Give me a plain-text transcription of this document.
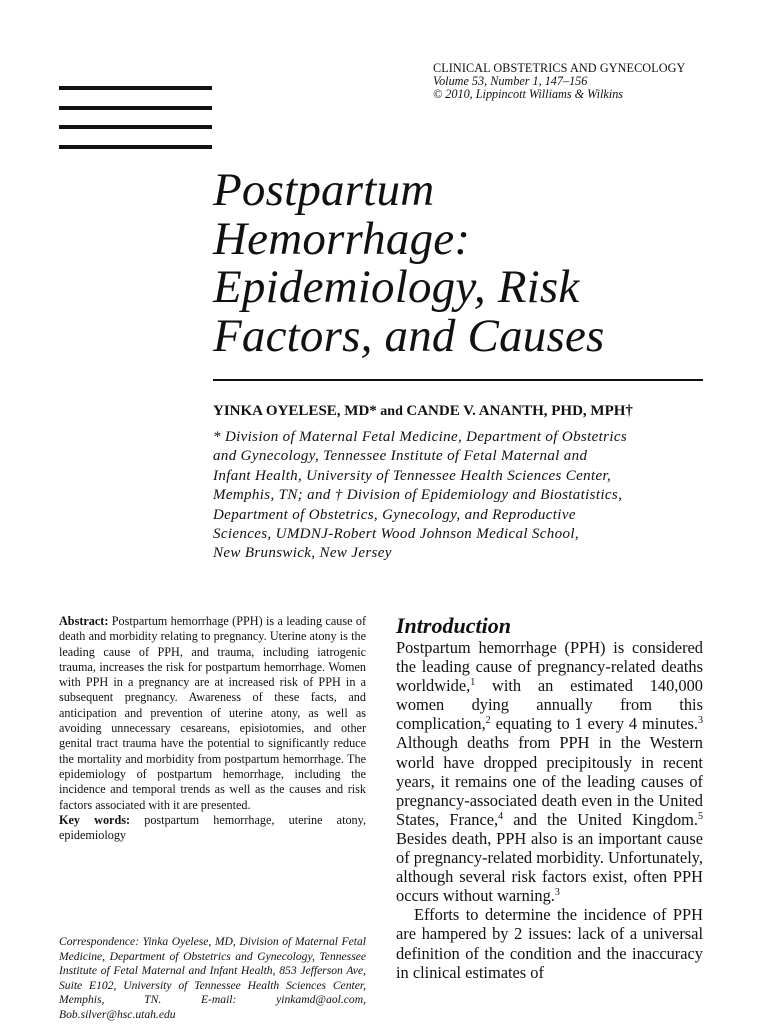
CLINICAL OBSTETRICS AND GYNECOLOGY
Volume 53, Number 1, 147–156
© 2010, Lippincott Williams & Wilkins
Postpartum
Hemorrhage:
Epidemiology, Risk
Factors, and Causes
YINKA OYELESE, MD* and CANDE V. ANANTH, PHD, MPH†

* Division of Maternal Fetal Medicine, Department of Obstetrics

and Gynecology, Tennessee Institute of Fetal Maternal and

Infant Health, University of Tennessee Health Sciences Center,

Memphis, TN; and † Division of Epidemiology and Biostatistics,

Department of Obstetrics, Gynecology, and Reproductive

Sciences, UMDNJ-Robert Wood Johnson Medical School,

New Brunswick, New Jersey

Abstract: Postpartum hemorrhage (PPH) is a leading cause of death and morbidity relating to pregnancy. Uterine atony is the leading cause of PPH, and trauma, including iatrogenic trauma, increases the risk for postpartum hemorrhage. Women with PPH in a pregnancy are at increased risk of PPH in a subsequent pregnancy. Awareness of these facts, and anticipation and prevention of uterine atony, as well as avoiding unnecessary cesareans, episiotomies, and other genital tract trauma have the potential to significantly reduce the mortality and morbidity from postpartum hemorrhage. The epidemiology of postpartum hemorrhage, including the incidence and temporal trends as well as the causes and risk factors associated with it are presented.

Key words: postpartum hemorrhage, uterine atony, epidemiology

Correspondence: Yinka Oyelese, MD, Division of Maternal Fetal Medicine, Department of Obstetrics and Gynecology, Tennessee Institute of Fetal Maternal and Infant Health, 853 Jefferson Ave, Suite E102, University of Tennessee Health Sciences Center, Memphis, TN. E-mail: yinkamd@aol.com, Bob.silver@hsc.utah.edu
Introduction

Postpartum hemorrhage (PPH) is considered the leading cause of pregnancy-related deaths worldwide,$^1$ with an estimated 140,000 women dying annually from this complication,$^2$ equating to 1 every 4 minutes.$^3$ Although deaths from PPH in the Western world have dropped precipitously in recent years, it remains one of the leading causes of pregnancy-associated death even in the United States, France,$^4$ and the United Kingdom.$^5$ Besides death, PPH also is an important cause of pregnancy-related morbidity. Unfortunately, although several risk factors exist, often PPH occurs without warning.$^3$

Efforts to determine the incidence of PPH are hampered by 2 issues: lack of a universal definition of the condition and the inaccuracy in clinical estimates of
